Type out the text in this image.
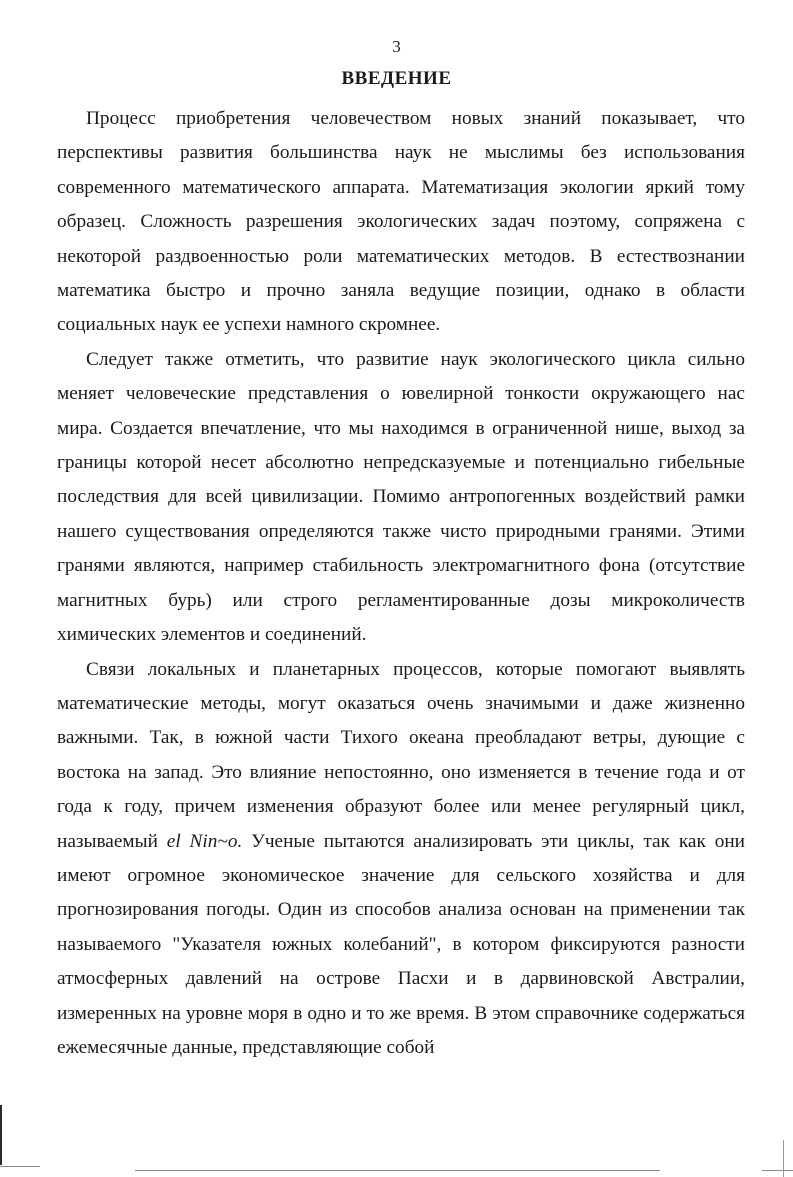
3
ВВЕДЕНИЕ

Процесс приобретения человечеством новых знаний показывает, что перспективы развития большинства наук не мыслимы без использования современного математического аппарата. Математизация экологии яркий тому образец. Сложность разрешения экологических задач поэтому, сопряжена с некоторой раздвоенностью роли математических методов. В естествознании математика быстро и прочно заняла ведущие позиции, однако в области социальных наук ее успехи намного скромнее.

Следует также отметить, что развитие наук экологического цикла сильно меняет человеческие представления о ювелирной тонкости окружающего нас мира. Создается впечатление, что мы находимся в ограниченной нише, выход за границы которой несет абсолютно непредсказуемые и потенциально гибельные последствия для всей цивилизации. Помимо антропогенных воздействий рамки нашего существования определяются также чисто природными гранями. Этими гранями являются, например стабильность электромагнитного фона (отсутствие магнитных бурь) или строго регламентированные дозы микроколичеств химических элементов и соединений.

Связи локальных и планетарных процессов, которые помогают выявлять математические методы, могут оказаться очень значимыми и даже жизненно важными. Так, в южной части Тихого океана преобладают ветры, дующие с востока на запад. Это влияние непостоянно, оно изменяется в течение года и от года к году, причем изменения образуют более или менее регулярный цикл, называемый el Nin~o. Ученые пытаются анализировать эти циклы, так как они имеют огромное экономическое значение для сельского хозяйства и для прогнозирования погоды. Один из способов анализа основан на применении так называемого "Указателя южных колебаний", в котором фиксируются разности атмосферных давлений на острове Пасхи и в дарвиновской Австралии, измеренных на уровне моря в одно и то же время. В этом справочнике содержаться ежемесячные данные, представляющие собой
